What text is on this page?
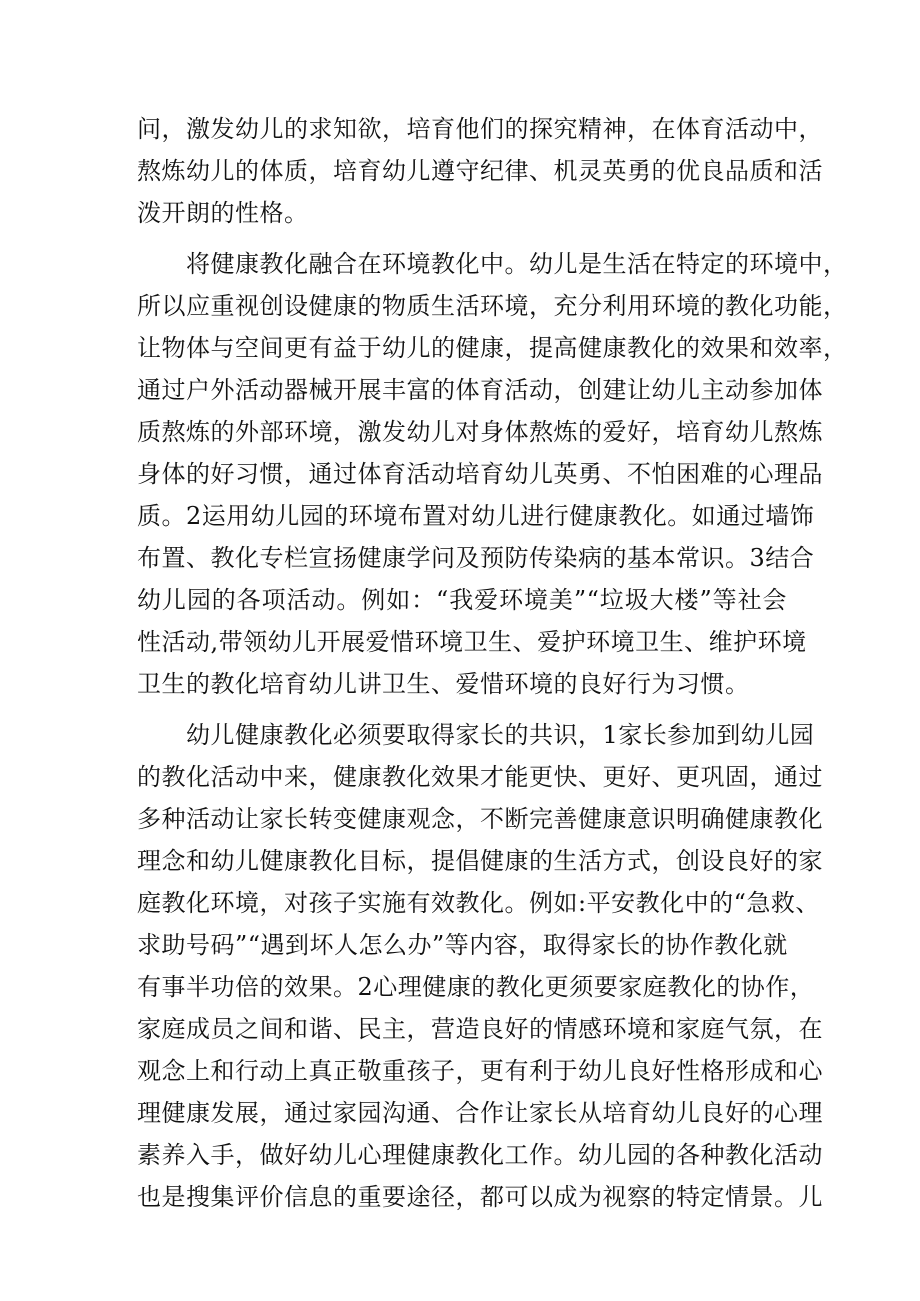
问，激发幼儿的求知欲，培育他们的探究精神，在体育活动中，
熬炼幼儿的体质，培育幼儿遵守纪律、机灵英勇的优良品质和活
泼开朗的性格。
将健康教化融合在环境教化中。幼儿是生活在特定的环境中，
所以应重视创设健康的物质生活环境，充分利用环境的教化功能，
让物体与空间更有益于幼儿的健康，提高健康教化的效果和效率，
通过户外活动器械开展丰富的体育活动，创建让幼儿主动参加体
质熬炼的外部环境，激发幼儿对身体熬炼的爱好，培育幼儿熬炼
身体的好习惯，通过体育活动培育幼儿英勇、不怕困难的心理品
质。2运用幼儿园的环境布置对幼儿进行健康教化。如通过墙饰
布置、教化专栏宣扬健康学问及预防传染病的基本常识。3结合
幼儿园的各项活动。例如：“我爱环境美”“垃圾大楼”等社会
性活动,带领幼儿开展爱惜环境卫生、爱护环境卫生、维护环境
卫生的教化培育幼儿讲卫生、爱惜环境的良好行为习惯。
幼儿健康教化必须要取得家长的共识，1家长参加到幼儿园
的教化活动中来，健康教化效果才能更快、更好、更巩固，通过
多种活动让家长转变健康观念，不断完善健康意识明确健康教化
理念和幼儿健康教化目标，提倡健康的生活方式，创设良好的家
庭教化环境，对孩子实施有效教化。例如:平安教化中的“急救、
求助号码”“遇到坏人怎么办”等内容，取得家长的协作教化就
有事半功倍的效果。2心理健康的教化更须要家庭教化的协作，
家庭成员之间和谐、民主，营造良好的情感环境和家庭气氛，在
观念上和行动上真正敬重孩子，更有利于幼儿良好性格形成和心
理健康发展，通过家园沟通、合作让家长从培育幼儿良好的心理
素养入手，做好幼儿心理健康教化工作。幼儿园的各种教化活动
也是搜集评价信息的重要途径，都可以成为视察的特定情景。儿
